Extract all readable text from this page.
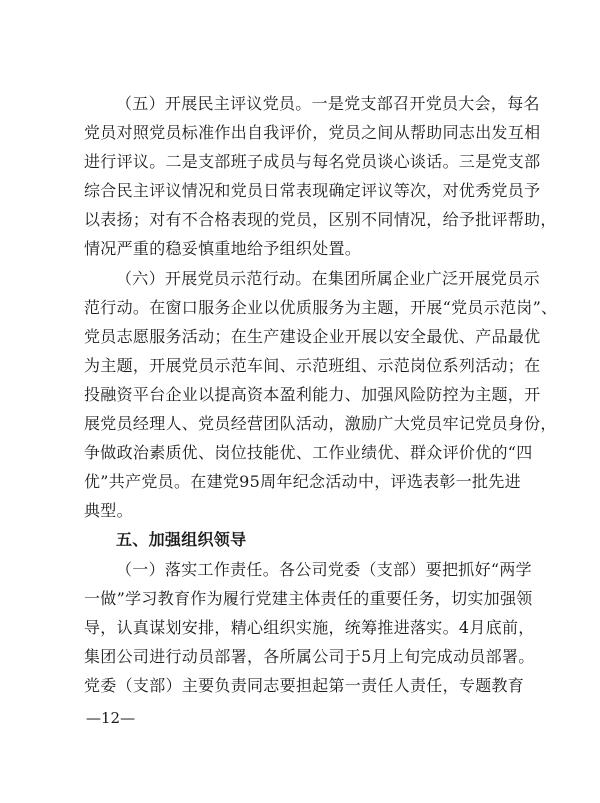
（五）开展民主评议党员。一是党支部召开党员大会，每名
党员对照党员标准作出自我评价，党员之间从帮助同志出发互相
进行评议。二是支部班子成员与每名党员谈心谈话。三是党支部
综合民主评议情况和党员日常表现确定评议等次，对优秀党员予
以表扬；对有不合格表现的党员，区别不同情况，给予批评帮助，
情况严重的稳妥慎重地给予组织处置。
（六）开展党员示范行动。在集团所属企业广泛开展党员示
范行动。在窗口服务企业以优质服务为主题，开展“党员示范岗”、
党员志愿服务活动；在生产建设企业开展以安全最优、产品最优
为主题，开展党员示范车间、示范班组、示范岗位系列活动；在
投融资平台企业以提高资本盈利能力、加强风险防控为主题，开
展党员经理人、党员经营团队活动，激励广大党员牢记党员身份，
争做政治素质优、岗位技能优、工作业绩优、群众评价优的“四
优”共产党员。在建党95周年纪念活动中，评选表彰一批先进
典型。
五、加强组织领导
（一）落实工作责任。各公司党委（支部）要把抓好“两学
一做”学习教育作为履行党建主体责任的重要任务，切实加强领
导，认真谋划安排，精心组织实施，统筹推进落实。4月底前，
集团公司进行动员部署，各所属公司于5月上旬完成动员部署。
党委（支部）主要负责同志要担起第一责任人责任，专题教育
—12—
